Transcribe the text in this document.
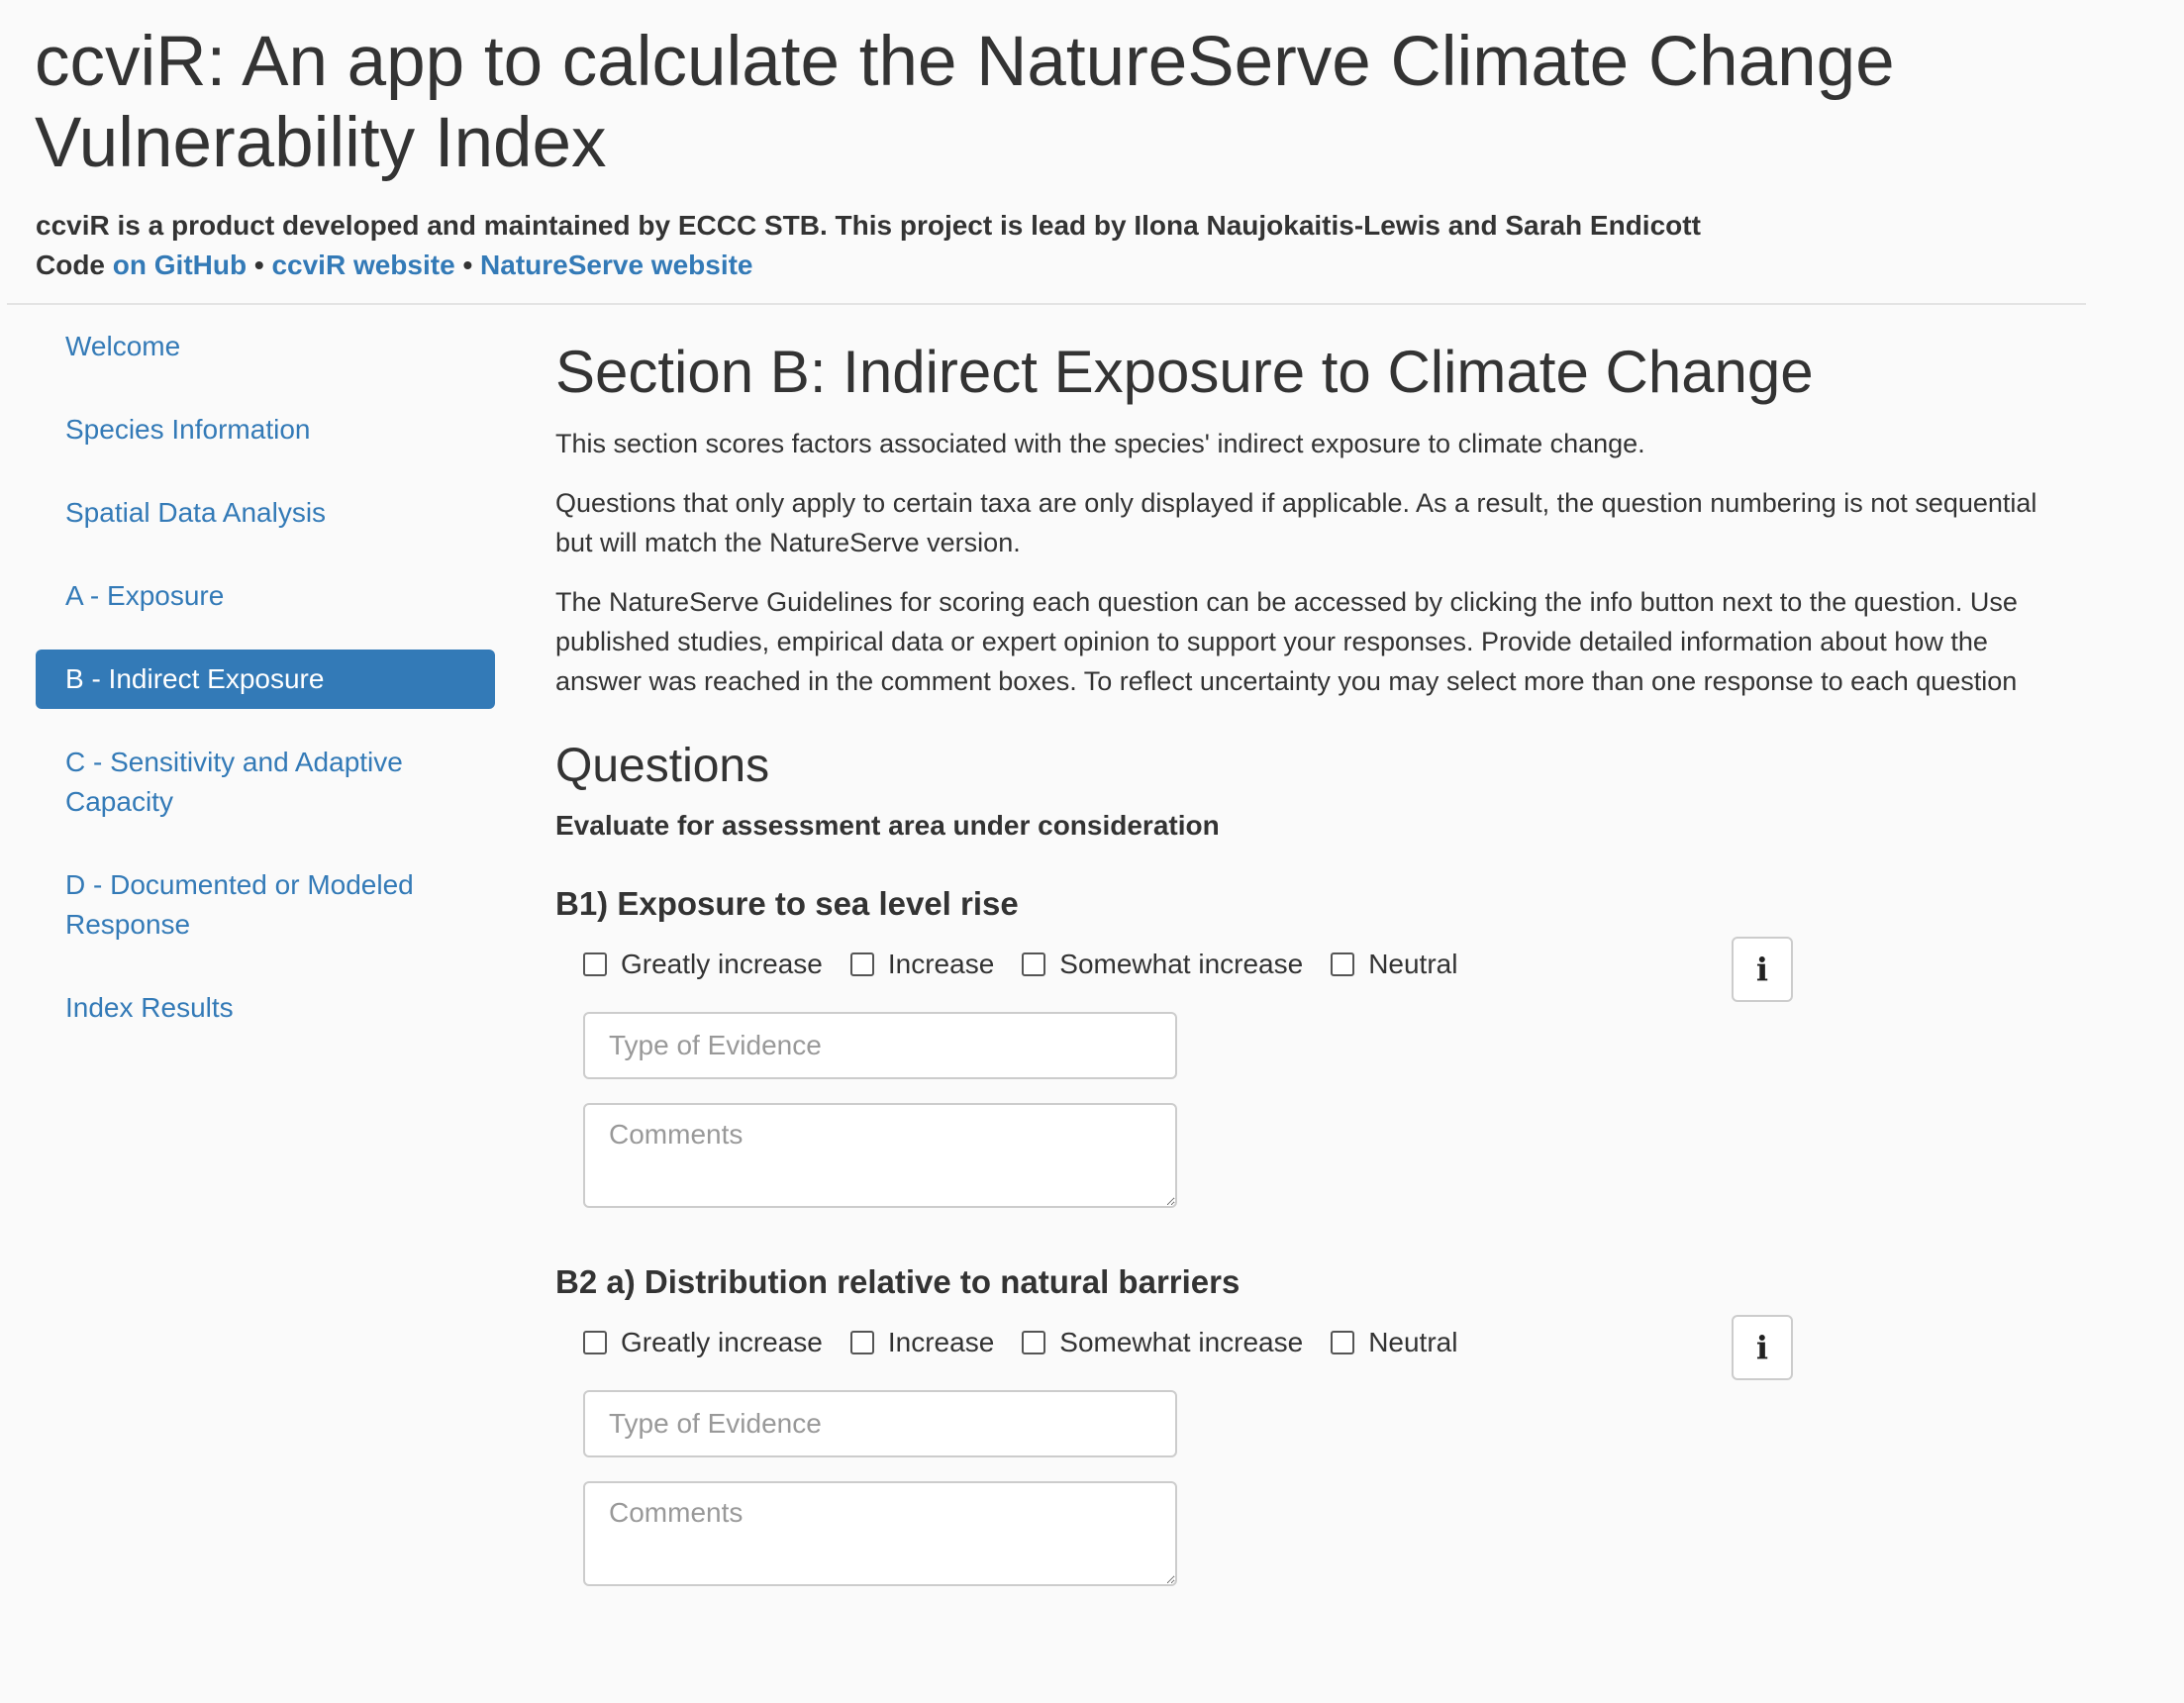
ccviR: An app to calculate the NatureServe Climate Change Vulnerability Index
ccviR is a product developed and maintained by ECCC STB. This project is lead by Ilona Naujokaitis-Lewis and Sarah Endicott
Code on GitHub • ccviR website • NatureServe website
Welcome
Species Information
Spatial Data Analysis
A - Exposure
B - Indirect Exposure
C - Sensitivity and Adaptive Capacity
D - Documented or Modeled Response
Index Results
Section B: Indirect Exposure to Climate Change

This section scores factors associated with the species' indirect exposure to climate change.

Questions that only apply to certain taxa are only displayed if applicable. As a result, the question numbering is not sequential but will match the NatureServe version.

The NatureServe Guidelines for scoring each question can be accessed by clicking the info button next to the question. Use published studies, empirical data or expert opinion to support your responses. Provide detailed information about how the answer was reached in the comment boxes. To reflect uncertainty you may select more than one response to each question

Questions
Evaluate for assessment area under consideration
B1) Exposure to sea level rise
Greatly increase Increase Somewhat increase Neutral	i
Type of Evidence
Comments
B2 a) Distribution relative to natural barriers
Greatly increase Increase Somewhat increase Neutral	i
Type of Evidence
Comments
